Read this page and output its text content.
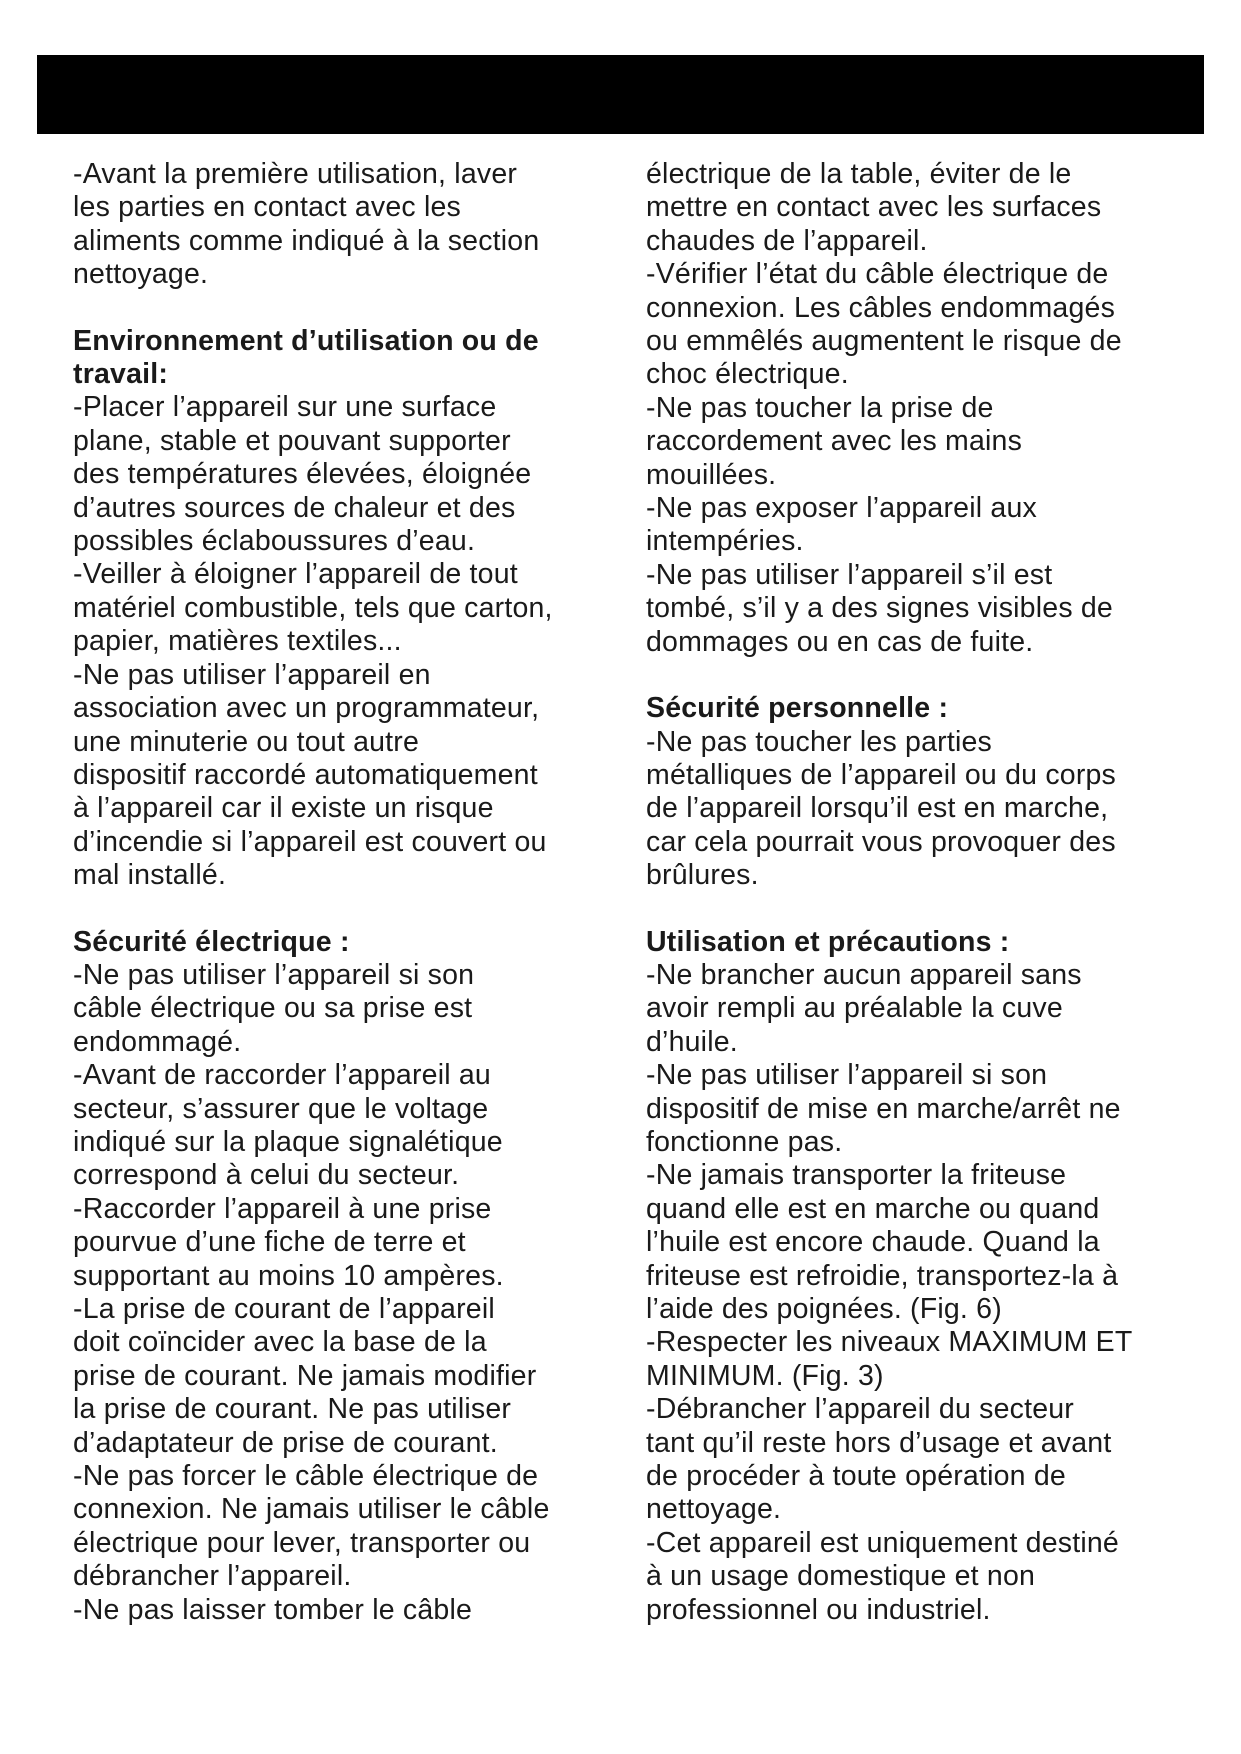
-Avant la première utilisation, laver
les parties en contact avec les
aliments comme indiqué à la section
nettoyage.

Environnement d’utilisation ou de
travail:

-Placer l’appareil sur une surface
plane, stable et pouvant supporter
des températures élevées, éloignée
d’autres sources de chaleur et des
possibles éclaboussures d’eau.

-Veiller à éloigner l’appareil de tout
matériel combustible, tels que carton,
papier, matières textiles...

-Ne pas utiliser l’appareil en
association avec un programmateur,
une minuterie ou tout autre
dispositif raccordé automatiquement
à l’appareil car il existe un risque
d’incendie si l’appareil est couvert ou
mal installé.

Sécurité électrique :

-Ne pas utiliser l’appareil si son
câble électrique ou sa prise est
endommagé.

-Avant de raccorder l’appareil au
secteur, s’assurer que le voltage
indiqué sur la plaque signalétique
correspond à celui du secteur.

-Raccorder l’appareil à une prise
pourvue d’une fiche de terre et
supportant au moins 10 ampères.

-La prise de courant de l’appareil
doit coïncider avec la base de la
prise de courant. Ne jamais modifier
la prise de courant. Ne pas utiliser
d’adaptateur de prise de courant.

-Ne pas forcer le câble électrique de
connexion. Ne jamais utiliser le câble
électrique pour lever, transporter ou
débrancher l’appareil.

-Ne pas laisser tomber le câble

électrique de la table, éviter de le
mettre en contact avec les surfaces
chaudes de l’appareil.

-Vérifier l’état du câble électrique de
connexion. Les câbles endommagés
ou emmêlés augmentent le risque de
choc électrique.

-Ne pas toucher la prise de
raccordement avec les mains
mouillées.

-Ne pas exposer l’appareil aux
intempéries.

-Ne pas utiliser l’appareil s’il est
tombé, s’il y a des signes visibles de
dommages ou en cas de fuite.

Sécurité personnelle :

-Ne pas toucher les parties
métalliques de l’appareil ou du corps
de l’appareil lorsqu’il est en marche,
car cela pourrait vous provoquer des
brûlures.

Utilisation et précautions :

-Ne brancher aucun appareil sans
avoir rempli au préalable la cuve
d’huile.

-Ne pas utiliser l’appareil si son
dispositif de mise en marche/arrêt ne
fonctionne pas.

-Ne jamais transporter la friteuse
quand elle est en marche ou quand
l’huile est encore chaude. Quand la
friteuse est refroidie, transportez-la à
l’aide des poignées. (Fig. 6)

-Respecter les niveaux MAXIMUM ET
MINIMUM. (Fig. 3)

-Débrancher l’appareil du secteur
tant qu’il reste hors d’usage et avant
de procéder à toute opération de
nettoyage.

-Cet appareil est uniquement destiné
à un usage domestique et non
professionnel ou industriel.
